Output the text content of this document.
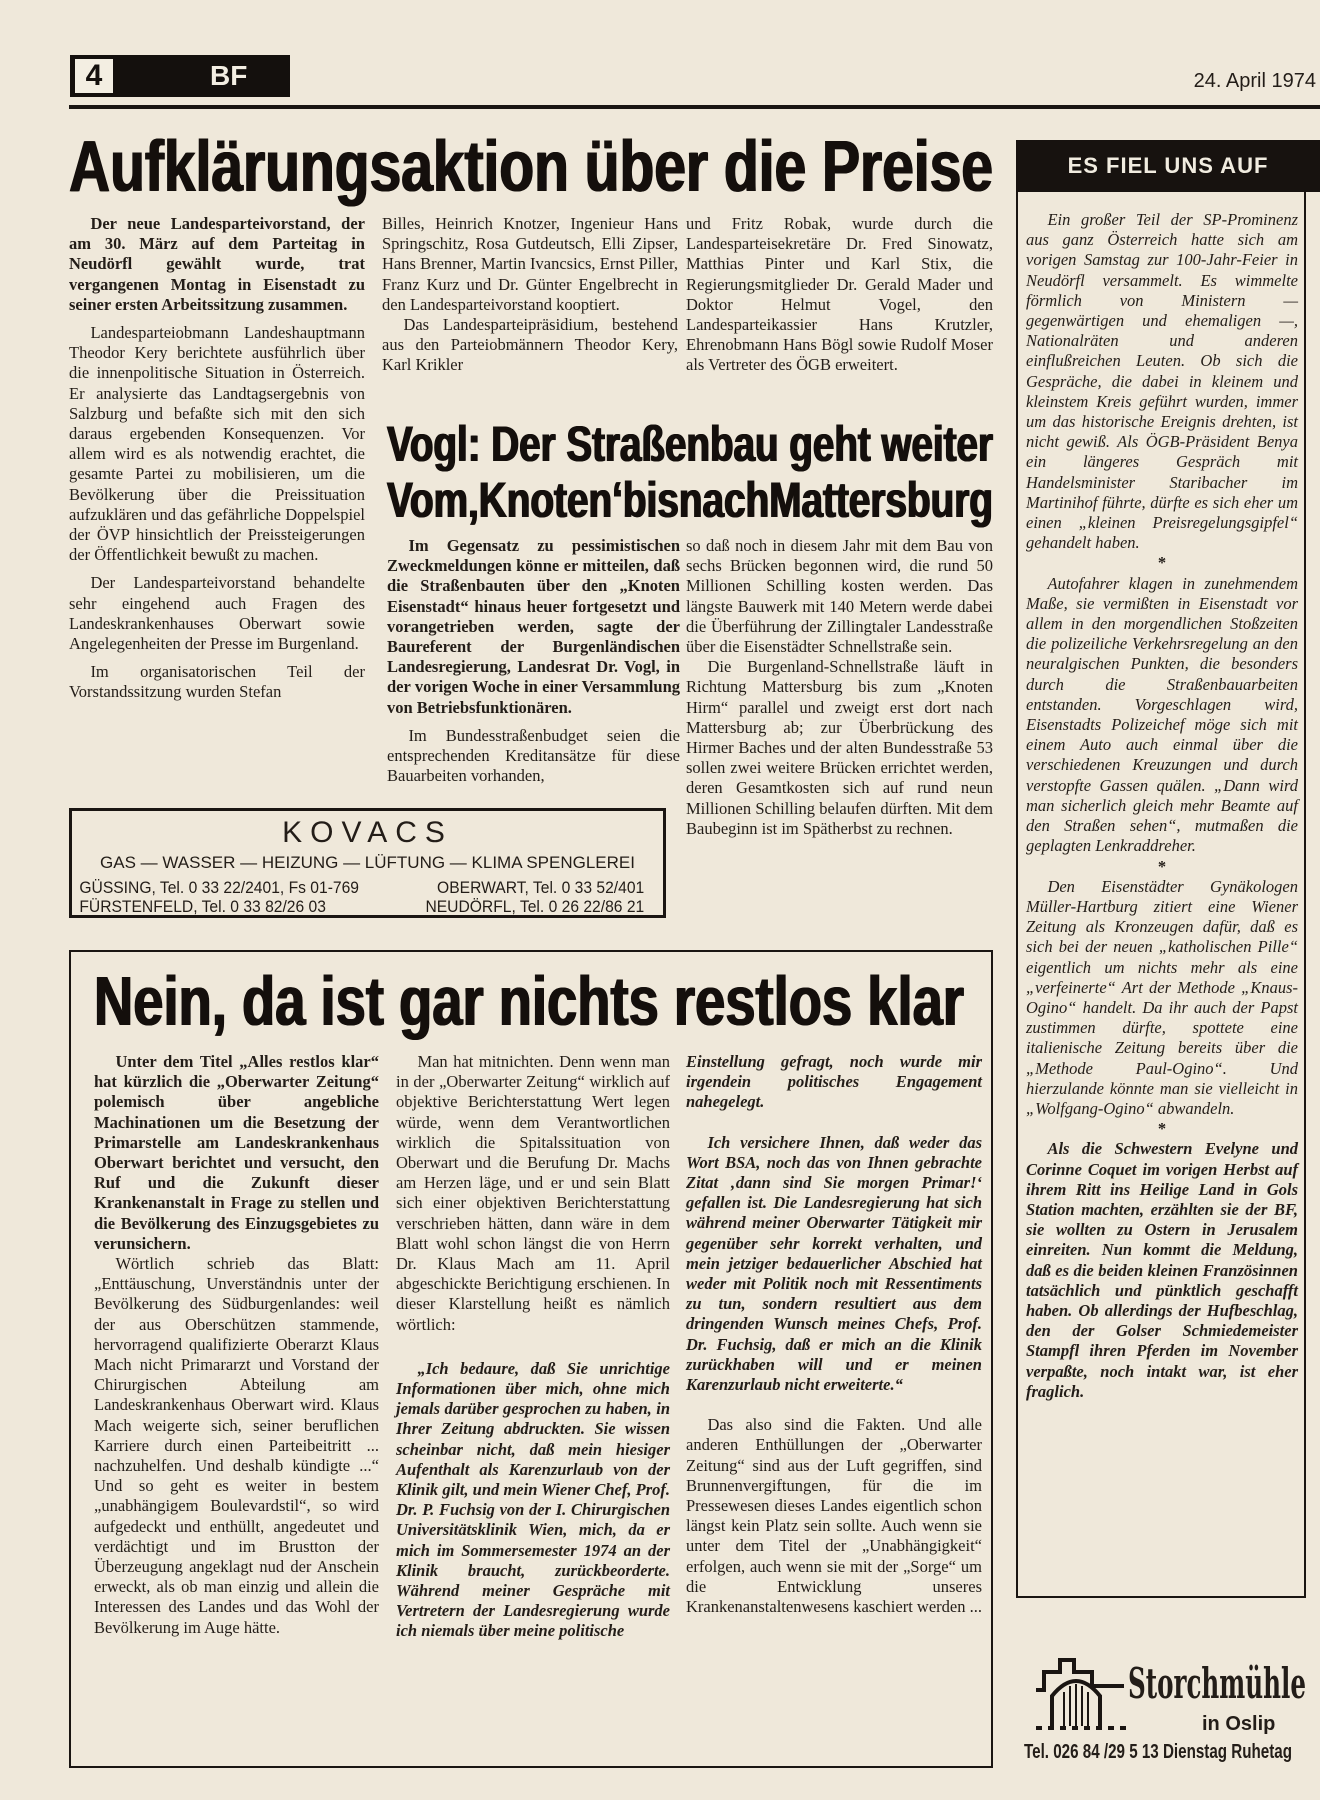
4	BF	24. April 1974
Aufklärungsaktion über die Preise

Der neue Landesparteivorstand, der am 30. März auf dem Parteitag in Neudörfl gewählt wurde, trat vergangenen Montag in Eisenstadt zu seiner ersten Arbeitssitzung zusammen.

Landesparteiobmann Landeshauptmann Theodor Kery berichtete ausführlich über die innenpolitische Situation in Österreich. Er analysierte das Landtagsergebnis von Salzburg und befaßte sich mit den sich daraus ergebenden Konsequenzen. Vor allem wird es als notwendig erachtet, die gesamte Partei zu mobilisieren, um die Bevölkerung über die Preissituation aufzuklären und das gefährliche Doppelspiel der ÖVP hinsichtlich der Preissteigerungen der Öffentlichkeit bewußt zu machen.

Der Landesparteivorstand behandelte sehr eingehend auch Fragen des Landeskrankenhauses Oberwart sowie Angelegenheiten der Presse im Burgenland.

Im organisatorischen Teil der Vorstandssitzung wurden Stefan

Billes, Heinrich Knotzer, Ingenieur Hans Springschitz, Rosa Gutdeutsch, Elli Zipser, Hans Brenner, Martin Ivancsics, Ernst Piller, Franz Kurz und Dr. Günter Engelbrecht in den Landesparteivorstand kooptiert.

Das Landesparteipräsidium, bestehend aus den Parteiobmännern Theodor Kery, Karl Krikler

und Fritz Robak, wurde durch die Landesparteisekretäre Dr. Fred Sinowatz, Matthias Pinter und Karl Stix, die Regierungsmitglieder Dr. Gerald Mader und Doktor Helmut Vogel, den Landesparteikassier Hans Krutzler, Ehrenobmann Hans Bögl sowie Rudolf Moser als Vertreter des ÖGB erweitert.

Vogl: Der Straßenbau geht weiter
Vom‚Knoten‘bisnachMattersburg

Im Gegensatz zu pessimistischen Zweckmeldungen könne er mitteilen, daß die Straßenbauten über den „Knoten Eisenstadt“ hinaus heuer fortgesetzt und vorangetrieben werden, sagte der Baureferent der Burgenländischen Landesregierung, Landesrat Dr. Vogl, in der vorigen Woche in einer Versammlung von Betriebsfunktionären.

Im Bundesstraßenbudget seien die entsprechenden Kreditansätze für diese Bauarbeiten vorhanden,

so daß noch in diesem Jahr mit dem Bau von sechs Brücken begonnen wird, die rund 50 Millionen Schilling kosten werden. Das längste Bauwerk mit 140 Metern werde dabei die Überführung der Zillingtaler Landesstraße über die Eisenstädter Schnellstraße sein.

Die Burgenland-Schnellstraße läuft in Richtung Mattersburg bis zum „Knoten Hirm“ parallel und zweigt erst dort nach Mattersburg ab; zur Überbrückung des Hirmer Baches und der alten Bundesstraße 53 sollen zwei weitere Brücken errichtet werden, deren Gesamtkosten sich auf rund neun Millionen Schilling belaufen dürften. Mit dem Baubeginn ist im Spätherbst zu rechnen.

KOVACS
GAS — WASSER — HEIZUNG — LÜFTUNG — KLIMA SPENGLEREI
GÜSSING, Tel. 0 33 22/2401, Fs 01-769	OBERWART, Tel. 0 33 52/401
FÜRSTENFELD, Tel. 0 33 82/26 03	NEUDÖRFL, Tel. 0 26 22/86 21
Nein, da ist gar nichts restlos klar

Unter dem Titel „Alles restlos klar“ hat kürzlich die „Oberwarter Zeitung“ polemisch über angebliche Machinationen um die Besetzung der Primarstelle am Landeskrankenhaus Oberwart berichtet und versucht, den Ruf und die Zukunft dieser Krankenanstalt in Frage zu stellen und die Bevölkerung des Einzugsgebietes zu verunsichern.

Wörtlich schrieb das Blatt: „Enttäuschung, Unverständnis unter der Bevölkerung des Südburgenlandes: weil der aus Oberschützen stammende, hervorragend qualifizierte Oberarzt Klaus Mach nicht Primararzt und Vorstand der Chirurgischen Abteilung am Landeskrankenhaus Oberwart wird. Klaus Mach weigerte sich, seiner beruflichen Karriere durch einen Parteibeitritt ... nachzuhelfen. Und deshalb kündigte ...“ Und so geht es weiter in bestem „unabhängigem Boulevardstil“, so wird aufgedeckt und enthüllt, angedeutet und verdächtigt und im Brustton der Überzeugung angeklagt nud der Anschein erweckt, als ob man einzig und allein die Interessen des Landes und das Wohl der Bevölkerung im Auge hätte.

Man hat mitnichten. Denn wenn man in der „Oberwarter Zeitung“ wirklich auf objektive Berichterstattung Wert legen würde, wenn dem Verantwortlichen wirklich die Spitalssituation von Oberwart und die Berufung Dr. Machs am Herzen läge, und er und sein Blatt sich einer objektiven Berichterstattung verschrieben hätten, dann wäre in dem Blatt wohl schon längst die von Herrn Dr. Klaus Mach am 11. April abgeschickte Berichtigung erschienen. In dieser Klarstellung heißt es nämlich wörtlich:

„Ich bedaure, daß Sie unrichtige Informationen über mich, ohne mich jemals darüber gesprochen zu haben, in Ihrer Zeitung abdruckten. Sie wissen scheinbar nicht, daß mein hiesiger Aufenthalt als Karenzurlaub von der Klinik gilt, und mein Wiener Chef, Prof. Dr. P. Fuchsig von der I. Chirurgischen Universitätsklinik Wien, mich, da er mich im Sommersemester 1974 an der Klinik braucht, zurückbeorderte. Während meiner Gespräche mit Vertretern der Landesregierung wurde ich niemals über meine politische

Einstellung gefragt, noch wurde mir irgendein politisches Engagement nahegelegt.

Ich versichere Ihnen, daß weder das Wort BSA, noch das von Ihnen gebrachte Zitat ‚dann sind Sie morgen Primar!‘ gefallen ist. Die Landesregierung hat sich während meiner Oberwarter Tätigkeit mir gegenüber sehr korrekt verhalten, und mein jetziger bedauerlicher Abschied hat weder mit Politik noch mit Ressentiments zu tun, sondern resultiert aus dem dringenden Wunsch meines Chefs, Prof. Dr. Fuchsig, daß er mich an die Klinik zurückhaben will und er meinen Karenzurlaub nicht erweiterte.“

Das also sind die Fakten. Und alle anderen Enthüllungen der „Oberwarter Zeitung“ sind aus der Luft gegriffen, sind Brunnenvergiftungen, für die im Pressewesen dieses Landes eigentlich schon längst kein Platz sein sollte. Auch wenn sie unter dem Titel der „Unabhängigkeit“ erfolgen, auch wenn sie mit der „Sorge“ um die Entwicklung unseres Krankenanstaltenwesens kaschiert werden ...

ES FIEL UNS AUF

Ein großer Teil der SP-Prominenz aus ganz Österreich hatte sich am vorigen Samstag zur 100-Jahr-Feier in Neudörfl versammelt. Es wimmelte förmlich von Ministern — gegenwärtigen und ehemaligen —, Nationalräten und anderen einflußreichen Leuten. Ob sich die Gespräche, die dabei in kleinem und kleinstem Kreis geführt wurden, immer um das historische Ereignis drehten, ist nicht gewiß. Als ÖGB-Präsident Benya ein längeres Gespräch mit Handelsminister Staribacher im Martinihof führte, dürfte es sich eher um einen „kleinen Preisregelungsgipfel“ gehandelt haben.

*

Autofahrer klagen in zunehmendem Maße, sie vermißten in Eisenstadt vor allem in den morgendlichen Stoßzeiten die polizeiliche Verkehrsregelung an den neuralgischen Punkten, die besonders durch die Straßenbauarbeiten entstanden. Vorgeschlagen wird, Eisenstadts Polizeichef möge sich mit einem Auto auch einmal über die verschiedenen Kreuzungen und durch verstopfte Gassen quälen. „Dann wird man sicherlich gleich mehr Beamte auf den Straßen sehen“, mutmaßen die geplagten Lenkraddreher.

*

Den Eisenstädter Gynäkologen Müller-Hartburg zitiert eine Wiener Zeitung als Kronzeugen dafür, daß es sich bei der neuen „katholischen Pille“ eigentlich um nichts mehr als eine „verfeinerte“ Art der Methode „Knaus-Ogino“ handelt. Da ihr auch der Papst zustimmen dürfte, spottete eine italienische Zeitung bereits über die „Methode Paul-Ogino“. Und hierzulande könnte man sie vielleicht in „Wolfgang-Ogino“ abwandeln.

*

Als die Schwestern Evelyne und Corinne Coquet im vorigen Herbst auf ihrem Ritt ins Heilige Land in Gols Station machten, erzählten sie der BF, sie wollten zu Ostern in Jerusalem einreiten. Nun kommt die Meldung, daß es die beiden kleinen Französinnen tatsächlich und pünktlich geschafft haben. Ob allerdings der Hufbeschlag, den der Golser Schmiedemeister Stampfl ihren Pferden im November verpaßte, noch intakt war, ist eher fraglich.

Storchmühle
in Oslip
Tel. 026 84 /29 5 13 Dienstag Ruhetag
